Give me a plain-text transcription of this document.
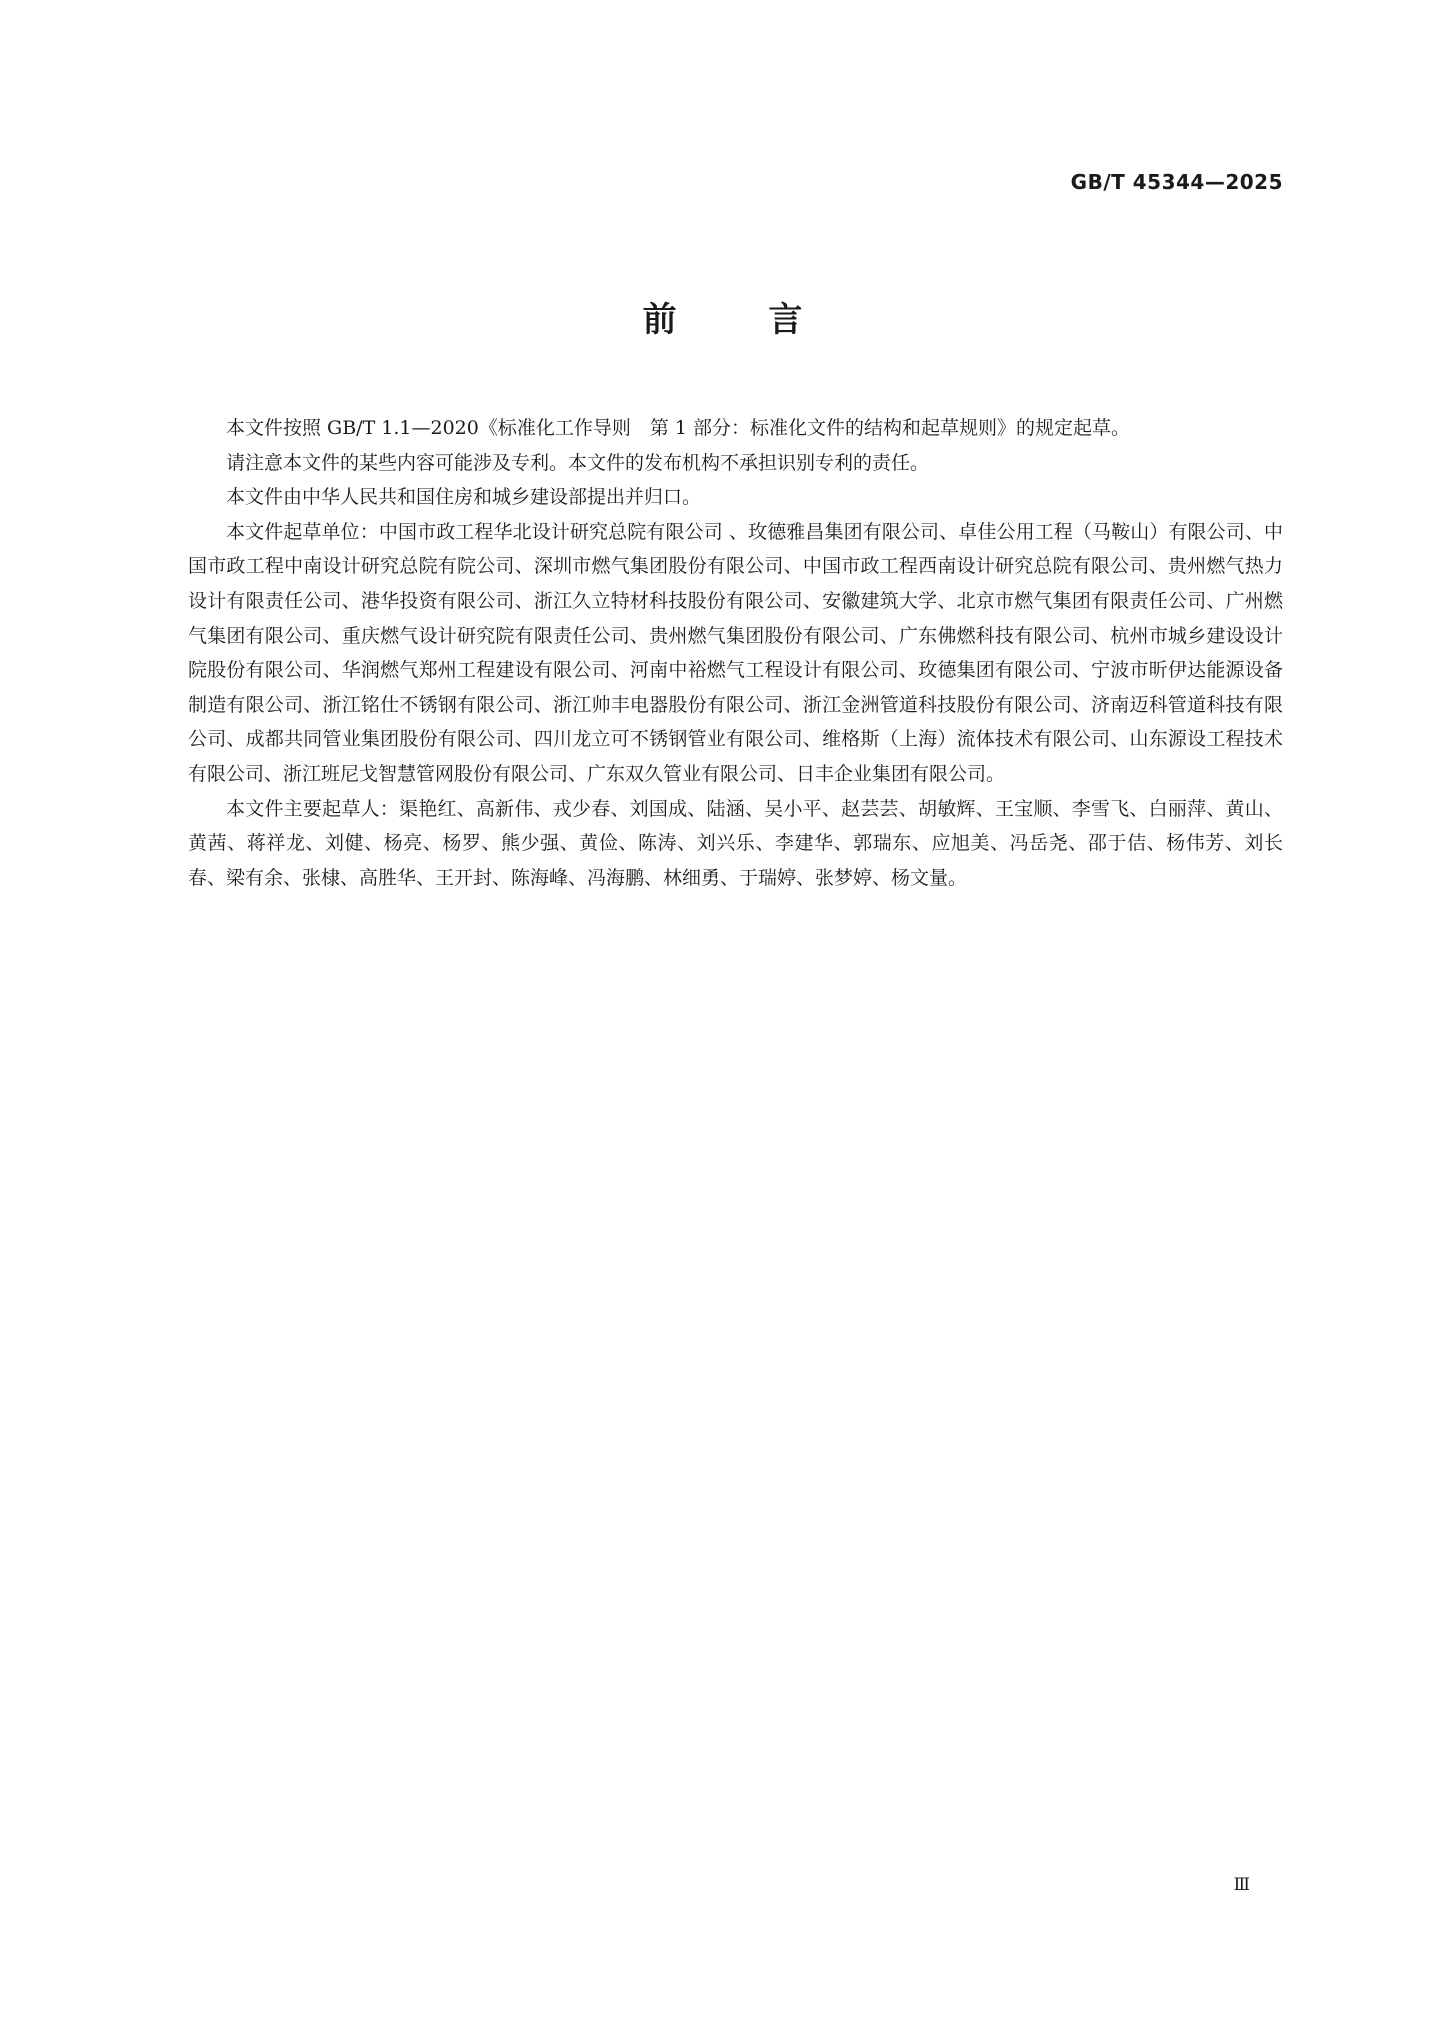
GB/T 45344—2025
前 言

本文件按照 GB/T 1.1—2020《标准化工作导则　第 1 部分：标准化文件的结构和起草规则》的规定起草。

请注意本文件的某些内容可能涉及专利。本文件的发布机构不承担识别专利的责任。

本文件由中华人民共和国住房和城乡建设部提出并归口。

本文件起草单位：中国市政工程华北设计研究总院有限公司 、玫德雅昌集团有限公司、卓佳公用工程（马鞍山）有限公司、中国市政工程中南设计研究总院有院公司、深圳市燃气集团股份有限公司、中国市政工程西南设计研究总院有限公司、贵州燃气热力设计有限责任公司、港华投资有限公司、浙江久立特材科技股份有限公司、安徽建筑大学、北京市燃气集团有限责任公司、广州燃气集团有限公司、重庆燃气设计研究院有限责任公司、贵州燃气集团股份有限公司、广东佛燃科技有限公司、杭州市城乡建设设计院股份有限公司、华润燃气郑州工程建设有限公司、河南中裕燃气工程设计有限公司、玫德集团有限公司、宁波市昕伊达能源设备制造有限公司、浙江铭仕不锈钢有限公司、浙江帅丰电器股份有限公司、浙江金洲管道科技股份有限公司、济南迈科管道科技有限公司、成都共同管业集团股份有限公司、四川龙立可不锈钢管业有限公司、维格斯（上海）流体技术有限公司、山东源设工程技术有限公司、浙江班尼戈智慧管网股份有限公司、广东双久管业有限公司、日丰企业集团有限公司。

本文件主要起草人：渠艳红、高新伟、戎少春、刘国成、陆涵、吴小平、赵芸芸、胡敏辉、王宝顺、李雪飞、白丽萍、黄山、黄茜、蒋祥龙、刘健、杨亮、杨罗、熊少强、黄俭、陈涛、刘兴乐、李建华、郭瑞东、应旭美、冯岳尧、邵于佶、杨伟芳、刘长春、梁有余、张棣、高胜华、王开封、陈海峰、冯海鹏、林细勇、于瑞婷、张梦婷、杨文量。

Ⅲ
